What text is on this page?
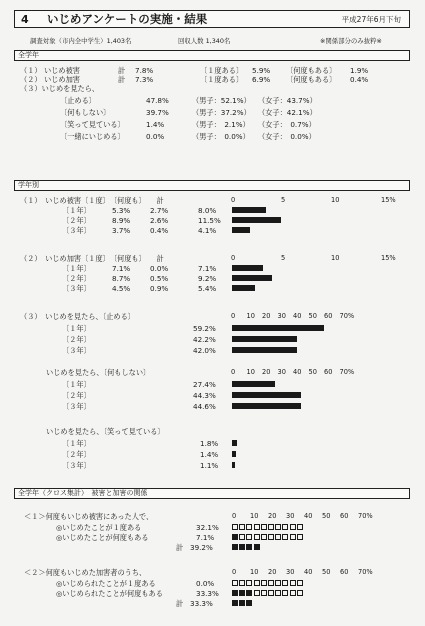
4 いじめアンケートの実施・結果	平成27年6月下旬
調査対象（市内全中学生）1,403名	回収人数 1,340名	※関係部分のみ抜粋※
全学年
学年別
全学年（クロス集計）　被害と加害の関係
（１） いじめ被害	計 7.8%	〔１度ある〕 5.9% 〔何度もある〕 1.9%
（２） いじめ加害	計 7.3%	〔１度ある〕 6.9% 〔何度もある〕 0.4%
（３）いじめを見たら、
〔止める〕	47.8%	（男子：52.1%） （女子：43.7%）
〔何もしない〕	39.7%	（男子：37.2%） （女子：42.1%）
〔笑って見ている〕	1.4%	（男子：　2.1%） （女子：　0.7%）
〔一緒にいじめる〕	0.0%	（男子：　0.0%） （女子：　0.0%）
（１）　いじめ被害〔１度〕　〔何度も〕　　計	0	5	10	15%
〔１年〕	5.3%	2.7%	8.0%
〔２年〕	8.9%	2.6%	11.5%
〔３年〕	3.7%	0.4%	4.1%
（２）　いじめ加害〔１度〕　〔何度も〕　　計	0	5	10	15%
〔１年〕	7.1%	0.0%	7.1%
〔２年〕	8.7%	0.5%	9.2%
〔３年〕	4.5%	0.9%	5.4%
（３）　いじめを見たら、〔止める〕	0 10 20 30 40 50 60 70%
〔１年〕	59.2%
〔２年〕	42.2%
〔３年〕	42.0%
いじめを見たら、〔何もしない〕	0 10 20 30 40 50 60 70%
〔１年〕	27.4%
〔２年〕	44.3%
〔３年〕	44.6%
いじめを見たら、〔笑って見ている〕
〔１年〕	1.8%
〔２年〕	1.4%
〔３年〕	1.1%
＜１＞何度もいじめ被害にあった人で、	0 10 20 30 40 50 60 70%
◎いじめたことが１度ある	32.1%
◎いじめたことが何度もある	7.1%
計 39.2%
＜２＞何度もいじめた加害者のうち、	0 10 20 30 40 50 60 70%
◎いじめられたことが１度ある	0.0%
◎いじめられたことが何度もある	33.3%
計 33.3%
